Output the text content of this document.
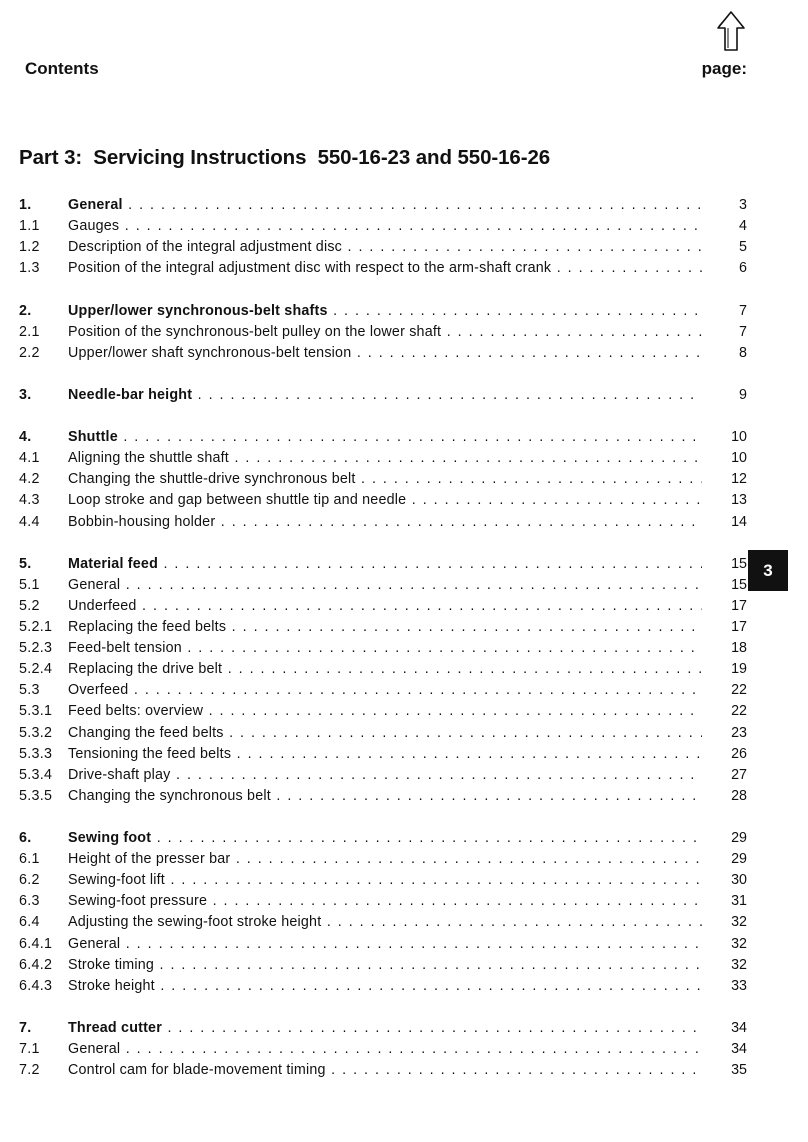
Contents	page:
Part 3:  Servicing Instructions  550-16-23 and 550-16-26
1.	General . . .	3
1.1 Gauges . . .	4
1.2 Description of the integral adjustment disc . . .	5
1.3 Position of the integral adjustment disc with respect to the arm-shaft crank . . .	6
2.	Upper/lower synchronous-belt shafts . . .	7
2.1 Position of the synchronous-belt pulley on the lower shaft . . .	7
2.2 Upper/lower shaft synchronous-belt tension . . .	8
3.	Needle-bar height . . .	9
4.	Shuttle . . .	10
4.1 Aligning the shuttle shaft . . .	10
4.2 Changing the shuttle-drive synchronous belt . . .	12
4.3 Loop stroke and gap between shuttle tip and needle . . .	13
4.4 Bobbin-housing holder . . .	14
5.	Material feed . . .	15
5.1 General . . .	15
5.2 Underfeed . . .	17
5.2.1 Replacing the feed belts . . .	17
5.2.3 Feed-belt tension . . .	18
5.2.4 Replacing the drive belt . . .	19
5.3 Overfeed . . .	22
5.3.1 Feed belts: overview . . .	22
5.3.2 Changing the feed belts . . .	23
5.3.3 Tensioning the feed belts . . .	26
5.3.4 Drive-shaft play . . .	27
5.3.5 Changing the synchronous belt . . .	28
6.	Sewing foot . . .	29
6.1 Height of the presser bar . . .	29
6.2 Sewing-foot lift . . .	30
6.3 Sewing-foot pressure . . .	31
6.4 Adjusting the sewing-foot stroke height . . .	32
6.4.1 General . . .	32
6.4.2 Stroke timing . . .	32
6.4.3 Stroke height . . .	33
7.	Thread cutter . . .	34
7.1 General . . .	34
7.2 Control cam for blade-movement timing . . .	35
3
